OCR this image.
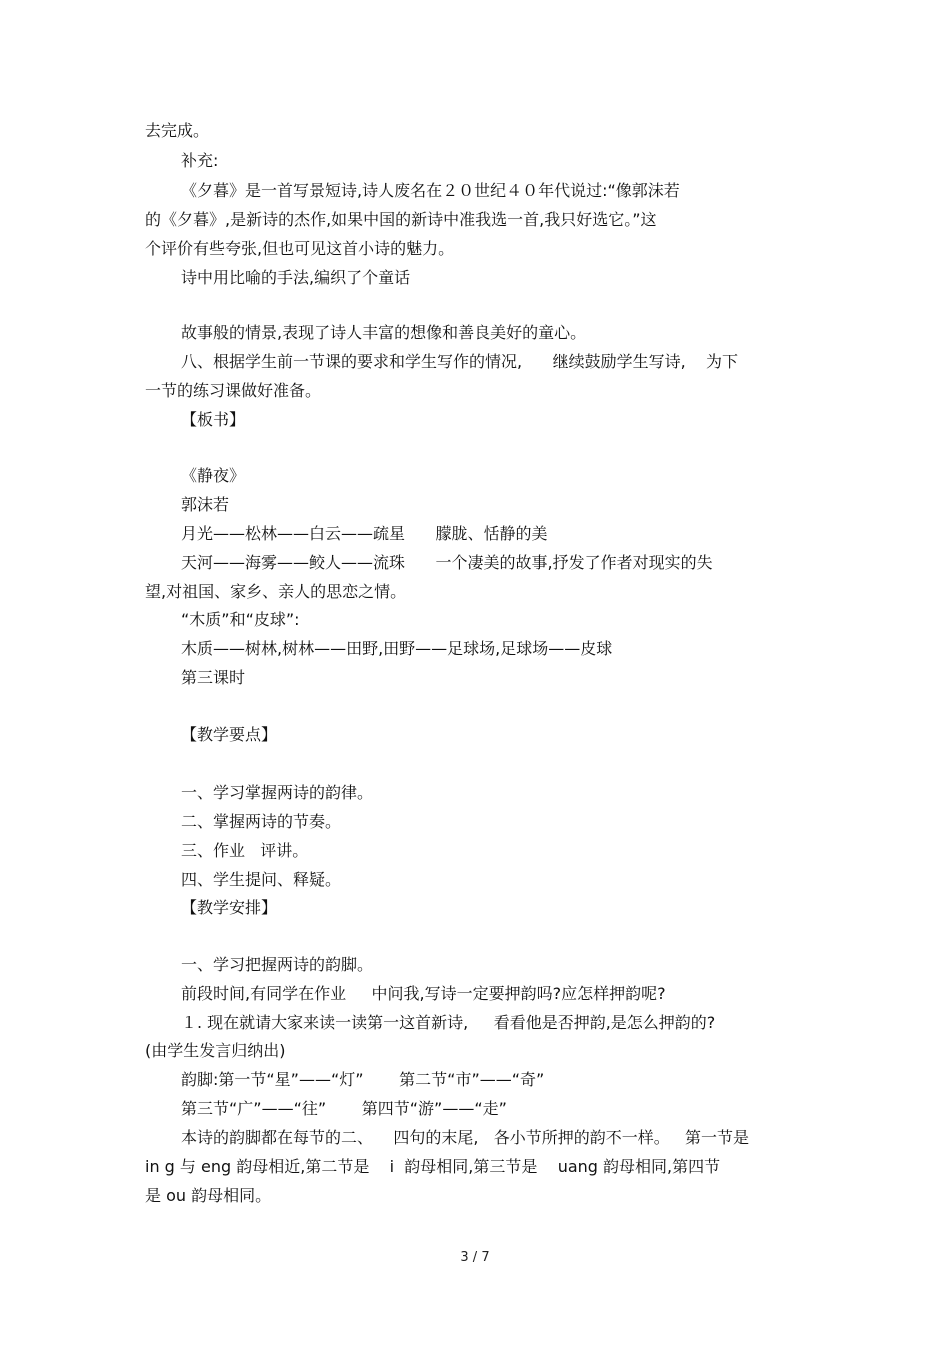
去完成。
补充:
《夕暮》是一首写景短诗,诗人废名在２０世纪４０年代说过:“像郭沫若
的《夕暮》,是新诗的杰作,如果中国的新诗中准我选一首,我只好选它。”这
个评价有些夸张,但也可见这首小诗的魅力。
诗中用比喻的手法,编织了个童话
故事般的情景,表现了诗人丰富的想像和善良美好的童心。
八、根据学生前一节课的要求和学生写作的情况,      继续鼓励学生写诗,    为下
一节的练习课做好准备。
【板书】
《静夜》
郭沫若
月光——松林——白云——疏星      朦胧、恬静的美
天河——海雾——鲛人——流珠      一个凄美的故事,抒发了作者对现实的失
望,对祖国、家乡、亲人的思恋之情。
“木质”和“皮球”:
木质——树林,树林——田野,田野——足球场,足球场——皮球
第三课时
【教学要点】
一、学习掌握两诗的韵律。
二、掌握两诗的节奏。
三、作业   评讲。
四、学生提问、释疑。
【教学安排】
一、学习把握两诗的韵脚。
前段时间,有同学在作业     中问我,写诗一定要押韵吗?应怎样押韵呢?
１. 现在就请大家来读一读第一这首新诗,     看看他是否押韵,是怎么押韵的?
(由学生发言归纳出)
韵脚:第一节“星”——“灯”       第二节“市”——“奇”
第三节“广”——“往”       第四节“游”——“走”
本诗的韵脚都在每节的二、    四句的末尾,   各小节所押的韵不一样。   第一节是
in g 与 eng 韵母相近,第二节是    i  韵母相同,第三节是    uang 韵母相同,第四节
是 ou 韵母相同。
3 / 7
